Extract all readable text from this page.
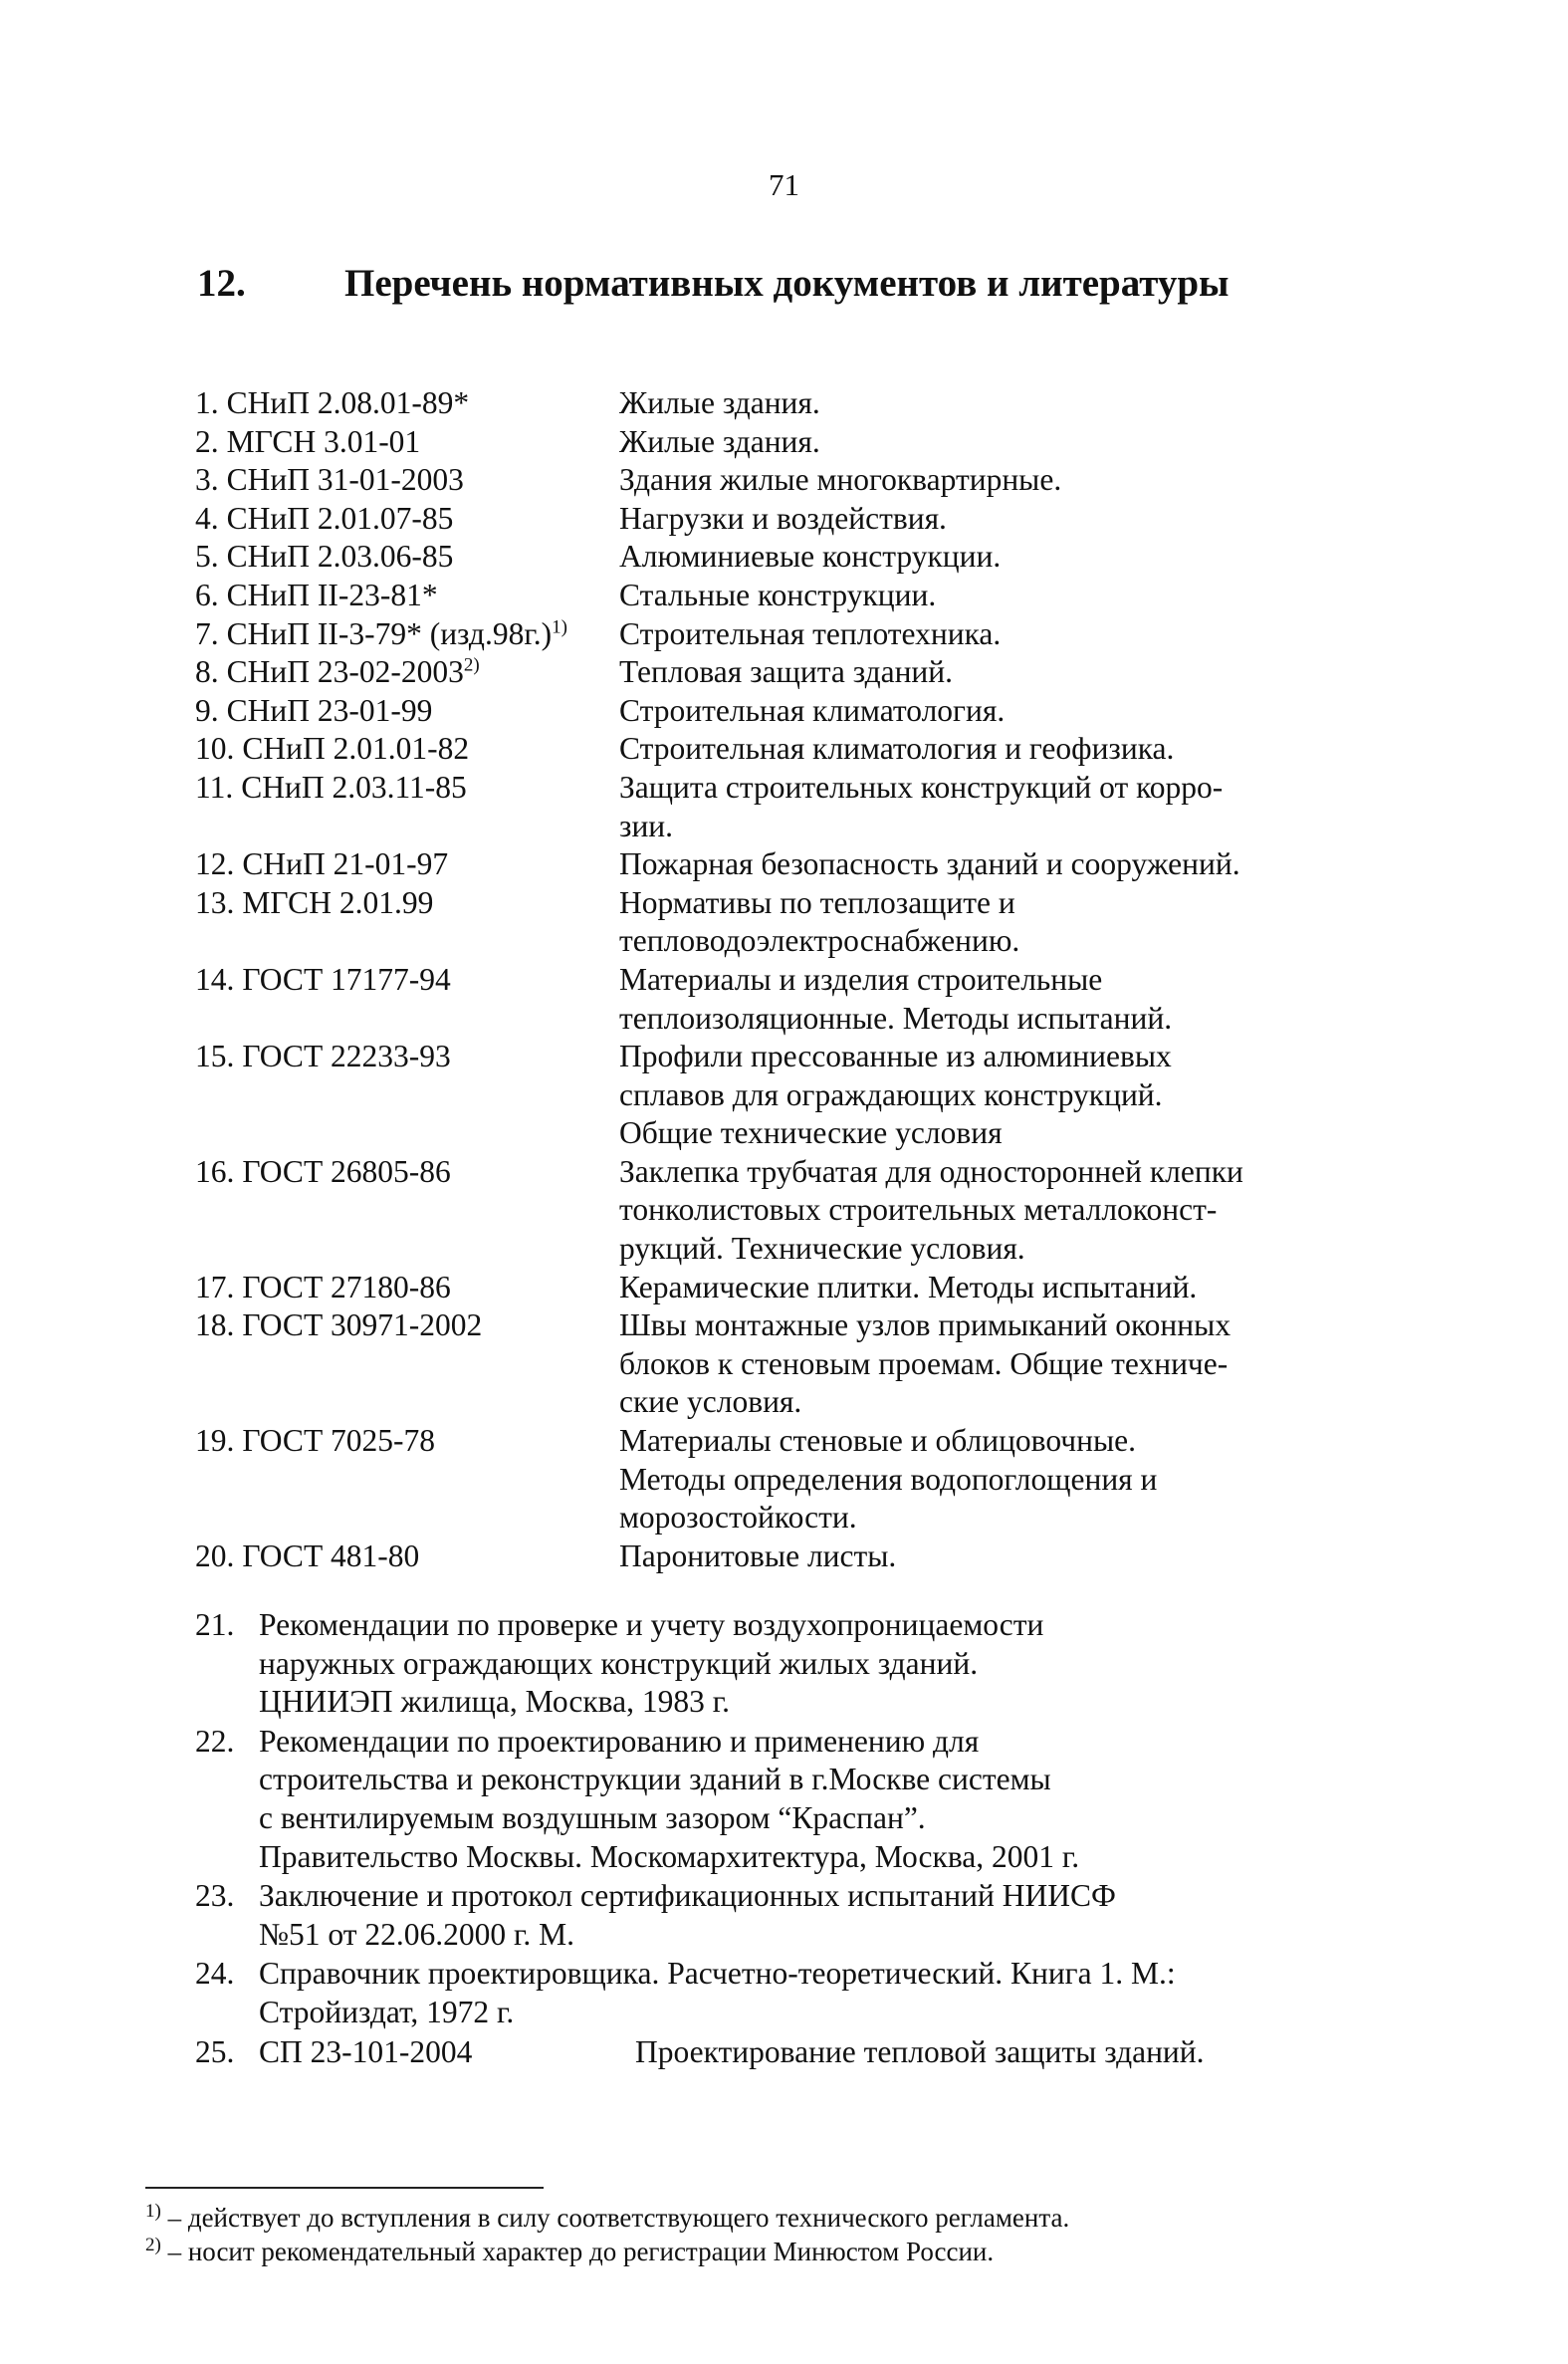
71
12.	Перечень нормативных документов и литературы
1. СНиП 2.08.01-89*	Жилые здания.
2. МГСН 3.01-01	Жилые здания.
3. СНиП 31-01-2003	Здания жилые многоквартирные.
4. СНиП 2.01.07-85	Нагрузки и воздействия.
5. СНиП 2.03.06-85	Алюминиевые конструкции.
6. СНиП II-23-81*	Стальные конструкции.
7. СНиП II-3-79* $(изд.98г.)^{1)}$	Строительная теплотехника.
8. СНиП 23-02-2003$^{2)}$	Тепловая защита зданий.
9. СНиП 23-01-99	Строительная климатология.
10. СНиП 2.01.01-82	Строительная климатология и геофизика.
11. СНиП 2.03.11-85	Защита строительных конструкций от корро-
зии.
12. СНиП 21-01-97	Пожарная безопасность зданий и сооружений.
13. МГСН 2.01.99	Нормативы по теплозащите и
тепловодоэлектроснабжению.
14. ГОСТ 17177-94	Материалы и изделия строительные
теплоизоляционные. Методы испытаний.
15. ГОСТ 22233-93	Профили прессованные из алюминиевых
сплавов для ограждающих конструкций.
Общие технические условия
16. ГОСТ 26805-86	Заклепка трубчатая для односторонней клепки
тонколистовых строительных металлоконст-
рукций. Технические условия.
17. ГОСТ 27180-86	Керамические плитки. Методы испытаний.
18. ГОСТ 30971-2002	Швы монтажные узлов примыканий оконных
блоков к стеновым проемам. Общие техниче-
ские условия.
19. ГОСТ 7025-78	Материалы стеновые и облицовочные.
Методы определения водопоглощения и
морозостойкости.
20. ГОСТ 481-80	Паронитовые листы.
21. Рекомендации по проверке и учету воздухопроницаемости
наружных ограждающих конструкций жилых зданий.
ЦНИИЭП жилища, Москва, 1983 г.
22. Рекомендации по проектированию и применению для
строительства и реконструкции зданий в г.Москве системы
с вентилируемым воздушным зазором “Краспан”.
Правительство Москвы. Москомархитектура, Москва, 2001 г.
23. Заключение и протокол сертификационных испытаний НИИСФ
№51 от 22.06.2000 г. М.
24. Справочник проектировщика. Расчетно-теоретический. Книга 1. М.:
Стройиздат, 1972 г.
25. СП 23-101-2004	Проектирование тепловой защиты зданий.
$^{1)}$ – действует до вступления в силу соответствующего технического регламента.
$^{2)}$ – носит рекомендательный характер до регистрации Минюстом России.
